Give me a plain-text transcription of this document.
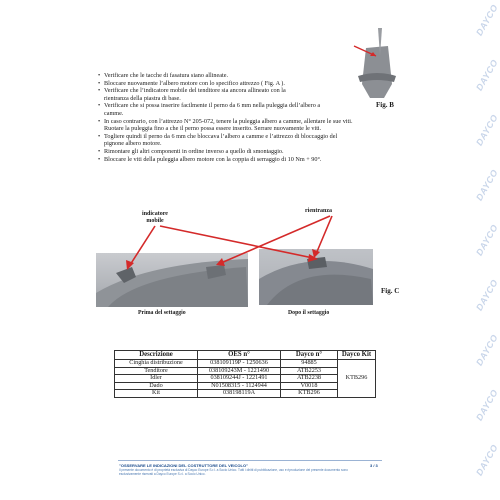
DAYCO
DAYCO
DAYCO
DAYCO
DAYCO
DAYCO
DAYCO
DAYCO
DAYCO
Fig. B
• Verificare che le tacche di fasatura siano allineate.
• Bloccare nuovamente l’albero motore con lo specifico attrezzo ( Fig. A ).
• Verificare che l’indicatore mobile del tenditore sia ancora allineato con la
rientranza della piastra di base.
• Verificare che si possa inserire facilmente il perno da 6 mm nella puleggia dell’albero a
camme.
• In caso contrario, con l’attrezzo N° 205-072, tenere la puleggia albero a camme, allentare le sue viti.
Ruotare la puleggia fino a che il perno possa essere inserito. Serrare nuovamente le viti.
• Togliere quindi il perno da 6 mm che bloccava l’albero a camme e l’attrezzo di bloccaggio del
pignone albero motore.
• Rimontare gli altri componenti in ordine inverso a quello di smontaggio.
• Bloccare le viti della puleggia albero motore con la coppia di serraggio di 10 Nm + 90°.
indicatore mobile
rientranza
Prima del settaggio	Dopo il settaggio
Fig. C
Descrizione	OES n°	Dayco n°	Dayco Kit
Cinghia distribuzione	038109119P - 1250636	94885	KTB296
Tenditore	038109243M - 1221490	ATB2253	
Idler	038109244J - 1221491	ATB2238	
Dado	N01508315 - 1124944	V0018	
Kit	038198119A	KTB296	
"OSSERVARE LE INDICAZIONI DEL COSTRUTTORE DEL VEICOLO"
Il presente documento è di proprietà esclusiva di Dayco Europe S.r.l. a Socio Unico. Tutti i diritti di pubblicazione, uso e riproduzione del presente documento sono esclusivamente riservati a Dayco Europe S.r.l. a Socio Unico.
3 / 3
